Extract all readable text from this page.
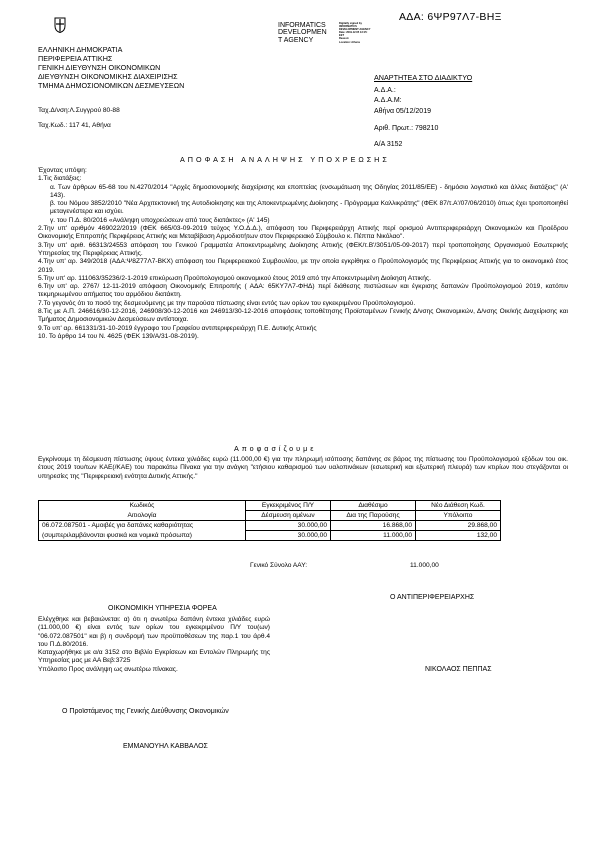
ΑΔΑ: 6ΨΡ97Λ7-ΒΗΞ
INFORMATICS
DEVELOPMEN
T AGENCY
Digitally signed by
INFORMATICS
DEVELOPMENT AGENCY
Date: 2019.12.05 13:15:
EET
Reason:
Location: Athens
ΕΛΛΗΝΙΚΗ ΔΗΜΟΚΡΑΤΙΑ
ΠΕΡΙΦΕΡΕΙΑ ΑΤΤΙΚΗΣ
ΓΕΝΙΚΗ ΔΙΕΥΘΥΝΣΗ ΟΙΚΟΝΟΜΙΚΩΝ
ΔΙΕΥΘΥΝΣΗ ΟΙΚΟΝΟΜΙΚΗΣ ΔΙΑΧΕΙΡΙΣΗΣ
ΤΜΗΜΑ ΔΗΜΟΣΙΟΝΟΜΙΚΩΝ ΔΕΣΜΕΥΣΕΩΝ
Ταχ.Δ/νση:Λ.Συγγρού 80-88
Ταχ.Κωδ.: 117 41, Αθήνα
ΑΝΑΡΤΗΤΕΑ ΣΤΟ ΔΙΑΔΙΚΤΥΟ
Α.Δ.Α.:
Α.Δ.Α.Μ:
Αθήνα 05/12/2019
Αριθ. Πρωτ.: 798210
Α/Α 3152
ΑΠΟΦΑΣΗ ΑΝΑΛΗΨΗΣ ΥΠΟΧΡΕΩΣΗΣ

Έχοντας υπόψη:

1.Τις διατάξεις:

α. Των άρθρων 65-68 του Ν.4270/2014 "Αρχές δημοσιονομικής διαχείρισης και εποπτείας (ενσωμάτωση της Οδηγίας 2011/85/ΕΕ) - δημόσιο λογιστικό και άλλες διατάξεις" (Α' 143).

β. του Νόμου 3852/2010 "Νέα Αρχιτεκτονική της Αυτοδιοίκησης και της Αποκεντρωμένης Διοίκησης - Πρόγραμμα Καλλικράτης" (ΦΕΚ 87/τ.Α'/07/06/2010) όπως έχει τροποποιηθεί μεταγενέστερα και ισχύει.

γ. του Π.Δ. 80/2016 «Ανάληψη υποχρεώσεων από τους διατάκτες» (Α' 145)

2.Την υπ' αριθμόν 469022/2019 (ΦΕΚ 665/03-09-2019 τεύχος Υ.Ο.Δ.Δ.), απόφαση του Περιφερειάρχη Αττικής περί ορισμού Αντιπεριφερειάρχη Οικονομικών και Προέδρου Οικονομικής Επιτροπής Περιφέρειας Αττικής και Μεταβίβαση Αρμοδιοτήτων στον Περιφερειακό Σύμβουλο κ. Πέππα Νικόλαο".

3.Την υπ' αριθ. 66313/24553 απόφαση του Γενικού Γραμματέα Αποκεντρωμένης Διοίκησης Αττικής (ΦΕΚ/τ.Β'/3051/05-09-2017) περί τροποποίησης Οργανισμού Εσωτερικής Υπηρεσίας της Περιφέρειας Αττικής.

4.Την υπ' αρ. 349/2018 (ΑΔΑ:Ψ8Ζ77Λ7-ΒΚΧ) απόφαση του Περιφερειακού Συμβουλίου, με την οποία εγκρίθηκε ο Προϋπολογισμός της Περιφέρειας Αττικής για το οικονομικό έτος 2019.

5.Την υπ' αρ. 111063/35236/2-1-2019 επικύρωση Προϋπολογισμού οικονομικού έτους 2019 από την Αποκεντρωμένη Διοίκηση Αττικής.

6.Την υπ' αρ. 2767/ 12-11-2019 απόφαση Οικονομικής Επιτροπής ( ΑΔΑ: 65ΚΥ7Λ7-ΦΗΔ) περί διάθεσης πιστώσεων και έγκρισης δαπανών Προϋπολογισμού 2019, κατόπιν τεκμηριωμένου αιτήματος του αρμόδιου διατάκτη.

7.Το γεγονός ότι το ποσό της δεσμευόμενης με την παρούσα πίστωσης είναι εντός των ορίων του εγκεκριμένου Προϋπολογισμού.

8.Τις με Α.Π. 246616/30-12-2016, 246908/30-12-2016 και 246913/30-12-2016 αποφάσεις τοποθέτησης Προϊσταμένων Γενικής Δ/νσης Οικονομικών, Δ/νσης Οικ/κής Διαχείρισης και Τμήματος Δημοσιονομικών Δεσμεύσεων αντίστοιχα.

9.Το υπ' αρ. 661331/31-10-2019 έγγραφο του Γραφείου αντιπεριφερειάρχη Π.Ε. Δυτικής Αττικής

10. Το άρθρο 14 του Ν. 4625 (ΦΕΚ 139/Α/31-08-2019).

Αποφασίζουμε

Εγκρίνουμε τη δέσμευση πίστωσης ύψους έντεκα χιλιάδες ευρώ (11.000,00 €) για την πληρωμή ισόποσης δαπάνης σε βάρος της πίστωσης του Προϋπολογισμού εξόδων του οικ. έτους 2019 του/των ΚΑΕ(/ΚΑΕ) του παρακάτω Πίνακα για την ανάγκη "ετήσιου καθαρισμού των υαλοπινάκων (εσωτερική και εξωτερική πλευρά) των κτιρίων που στεγάζονται οι υπηρεσίες της "Περιφερειακή ενότητα Δυτικής Αττικής."

Κωδικός	Εγκεκριμένος Π/Υ	Διαθέσιμο	Νέο Διάθεση Κωδ.
Αιτιολογία	Δέσμευση ομένων	Δια της Παρούσης	Υπόλοιπο
06.072.087501 - Αμοιβές για δαπάνες καθαριότητας	30.000,00	16.868,00	29.868,00
(συμπεριλαμβάνονται φυσικά και νομικά πρόσωπα)	30.000,00	11.000,00	132,00
Γενικό Σύνολο ΑΑΥ:	11.000,00
Ο ΑΝΤΙΠΕΡΙΦΕΡΕΙΑΡΧΗΣ
ΟΙΚΟΝΟΜΙΚΗ ΥΠΗΡΕΣΙΑ ΦΟΡΕΑ

Ελέγχθηκε και βεβαιώνεται: α) ότι η ανωτέρω δαπάνη έντεκα χιλιάδες ευρώ (11.000,00 €) είναι εντός των ορίων του εγκεκριμένου Π/Υ του(ων) "06.072.087501" και β) η συνδρομή των προϋποθέσεων της παρ.1 του άρθ.4 του Π.Δ.80/2016.

Καταχωρήθηκε με α/α 3152 στο Βιβλίο Εγκρίσεων και Εντολών Πληρωμής της Υπηρεσίας μας με ΑΑ Βεβ:3725

Υπόλοιπο Προς ανάληψη ως ανωτέρω πίνακας.	ΝΙΚΟΛΑΟΣ ΠΕΠΠΑΣ
Ο Προϊστάμενος της Γενικής Διεύθυνσης Οικονομικών
ΕΜΜΑΝΟΥΗΛ ΚΑΒΒΑΛΟΣ
